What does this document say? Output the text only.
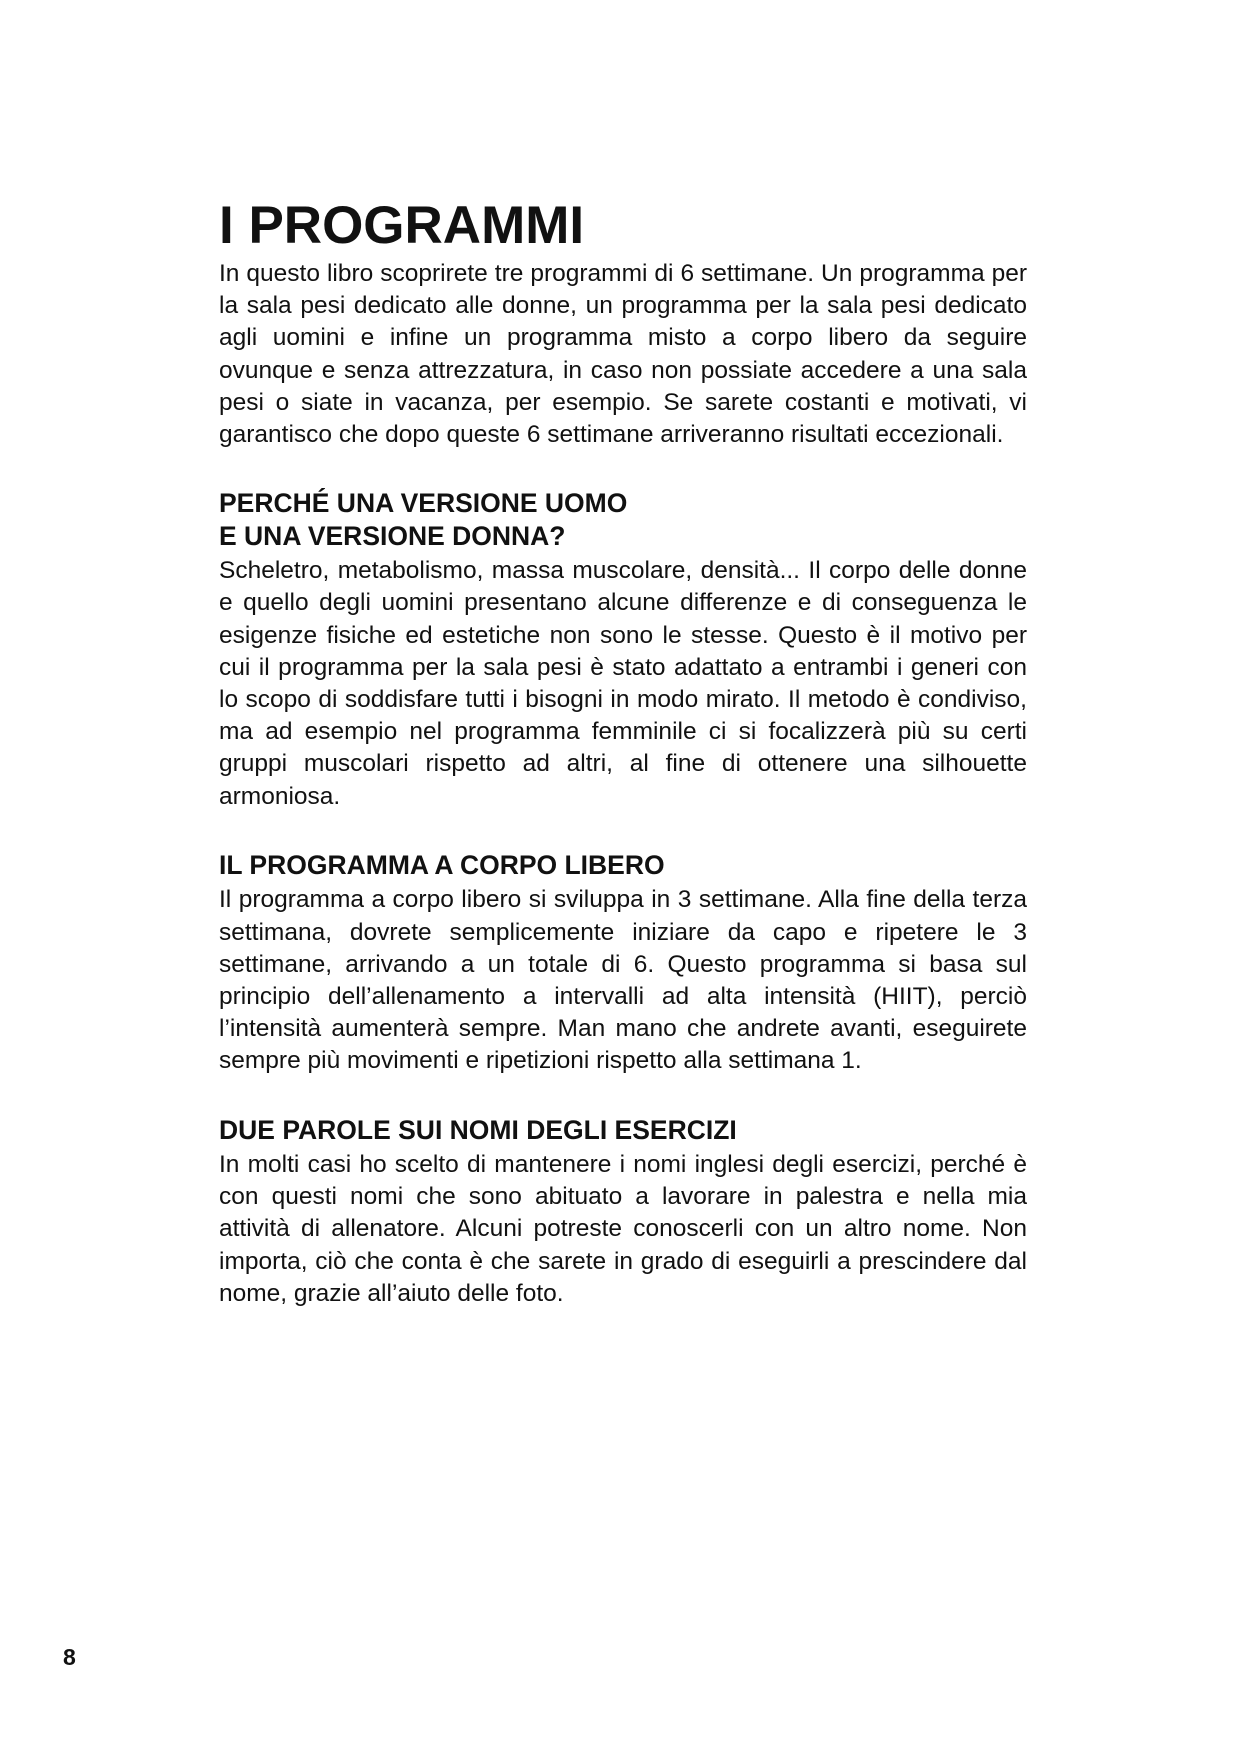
I PROGRAMMI

In questo libro scoprirete tre programmi di 6 settimane. Un programma per la sala pesi dedicato alle donne, un programma per la sala pesi dedicato agli uomini e infine un programma misto a corpo libero da seguire ovunque e senza attrezzatura, in caso non possiate accedere a una sala pesi o siate in vacanza, per esempio. Se sarete costanti e motivati, vi garantisco che dopo queste 6 settimane arriveranno risultati eccezionali.

PERCHÉ UNA VERSIONE UOMO
E UNA VERSIONE DONNA?

Scheletro, metabolismo, massa muscolare, densità... Il corpo delle donne e quello degli uomini presentano alcune differenze e di conseguenza le esigenze fisiche ed estetiche non sono le stesse. Questo è il motivo per cui il programma per la sala pesi è stato adattato a entrambi i generi con lo scopo di soddisfare tutti i bisogni in modo mirato. Il metodo è condiviso, ma ad esempio nel programma femminile ci si focalizzerà più su certi gruppi muscolari rispetto ad altri, al fine di ottenere una silhouette armoniosa.

IL PROGRAMMA A CORPO LIBERO

Il programma a corpo libero si sviluppa in 3 settimane. Alla fine della terza settimana, dovrete semplicemente iniziare da capo e ripetere le 3 settimane, arrivando a un totale di 6. Questo programma si basa sul principio dell’allenamento a intervalli ad alta intensità (HIIT), perciò l’intensità aumenterà sempre. Man mano che andrete avanti, eseguirete sempre più movimenti e ripetizioni rispetto alla settimana 1.

DUE PAROLE SUI NOMI DEGLI ESERCIZI

In molti casi ho scelto di mantenere i nomi inglesi degli esercizi, perché è con questi nomi che sono abituato a lavorare in palestra e nella mia attività di allenatore. Alcuni potreste conoscerli con un altro nome. Non importa, ciò che conta è che sarete in grado di eseguirli a prescindere dal nome, grazie all’aiuto delle foto.

8
